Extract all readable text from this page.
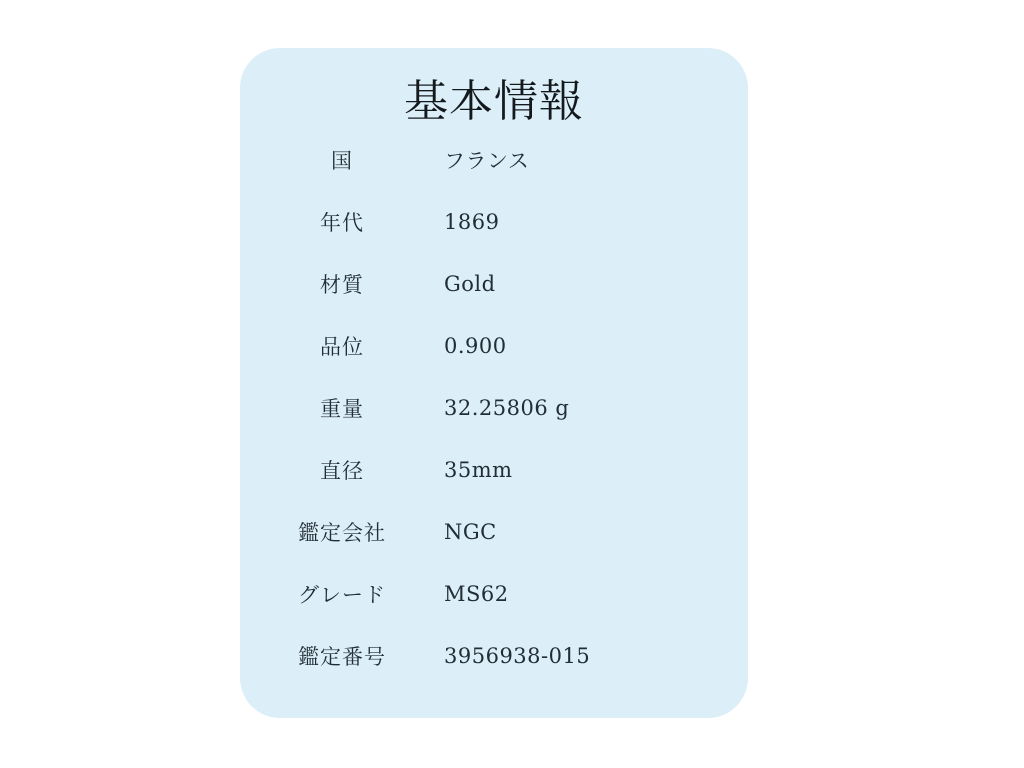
基本情報
国	フランス
年代	1869
材質	Gold
品位	0.900
重量	32.25806 g
直径	35mm
鑑定会社	NGC
グレード	MS62
鑑定番号	3956938-015
